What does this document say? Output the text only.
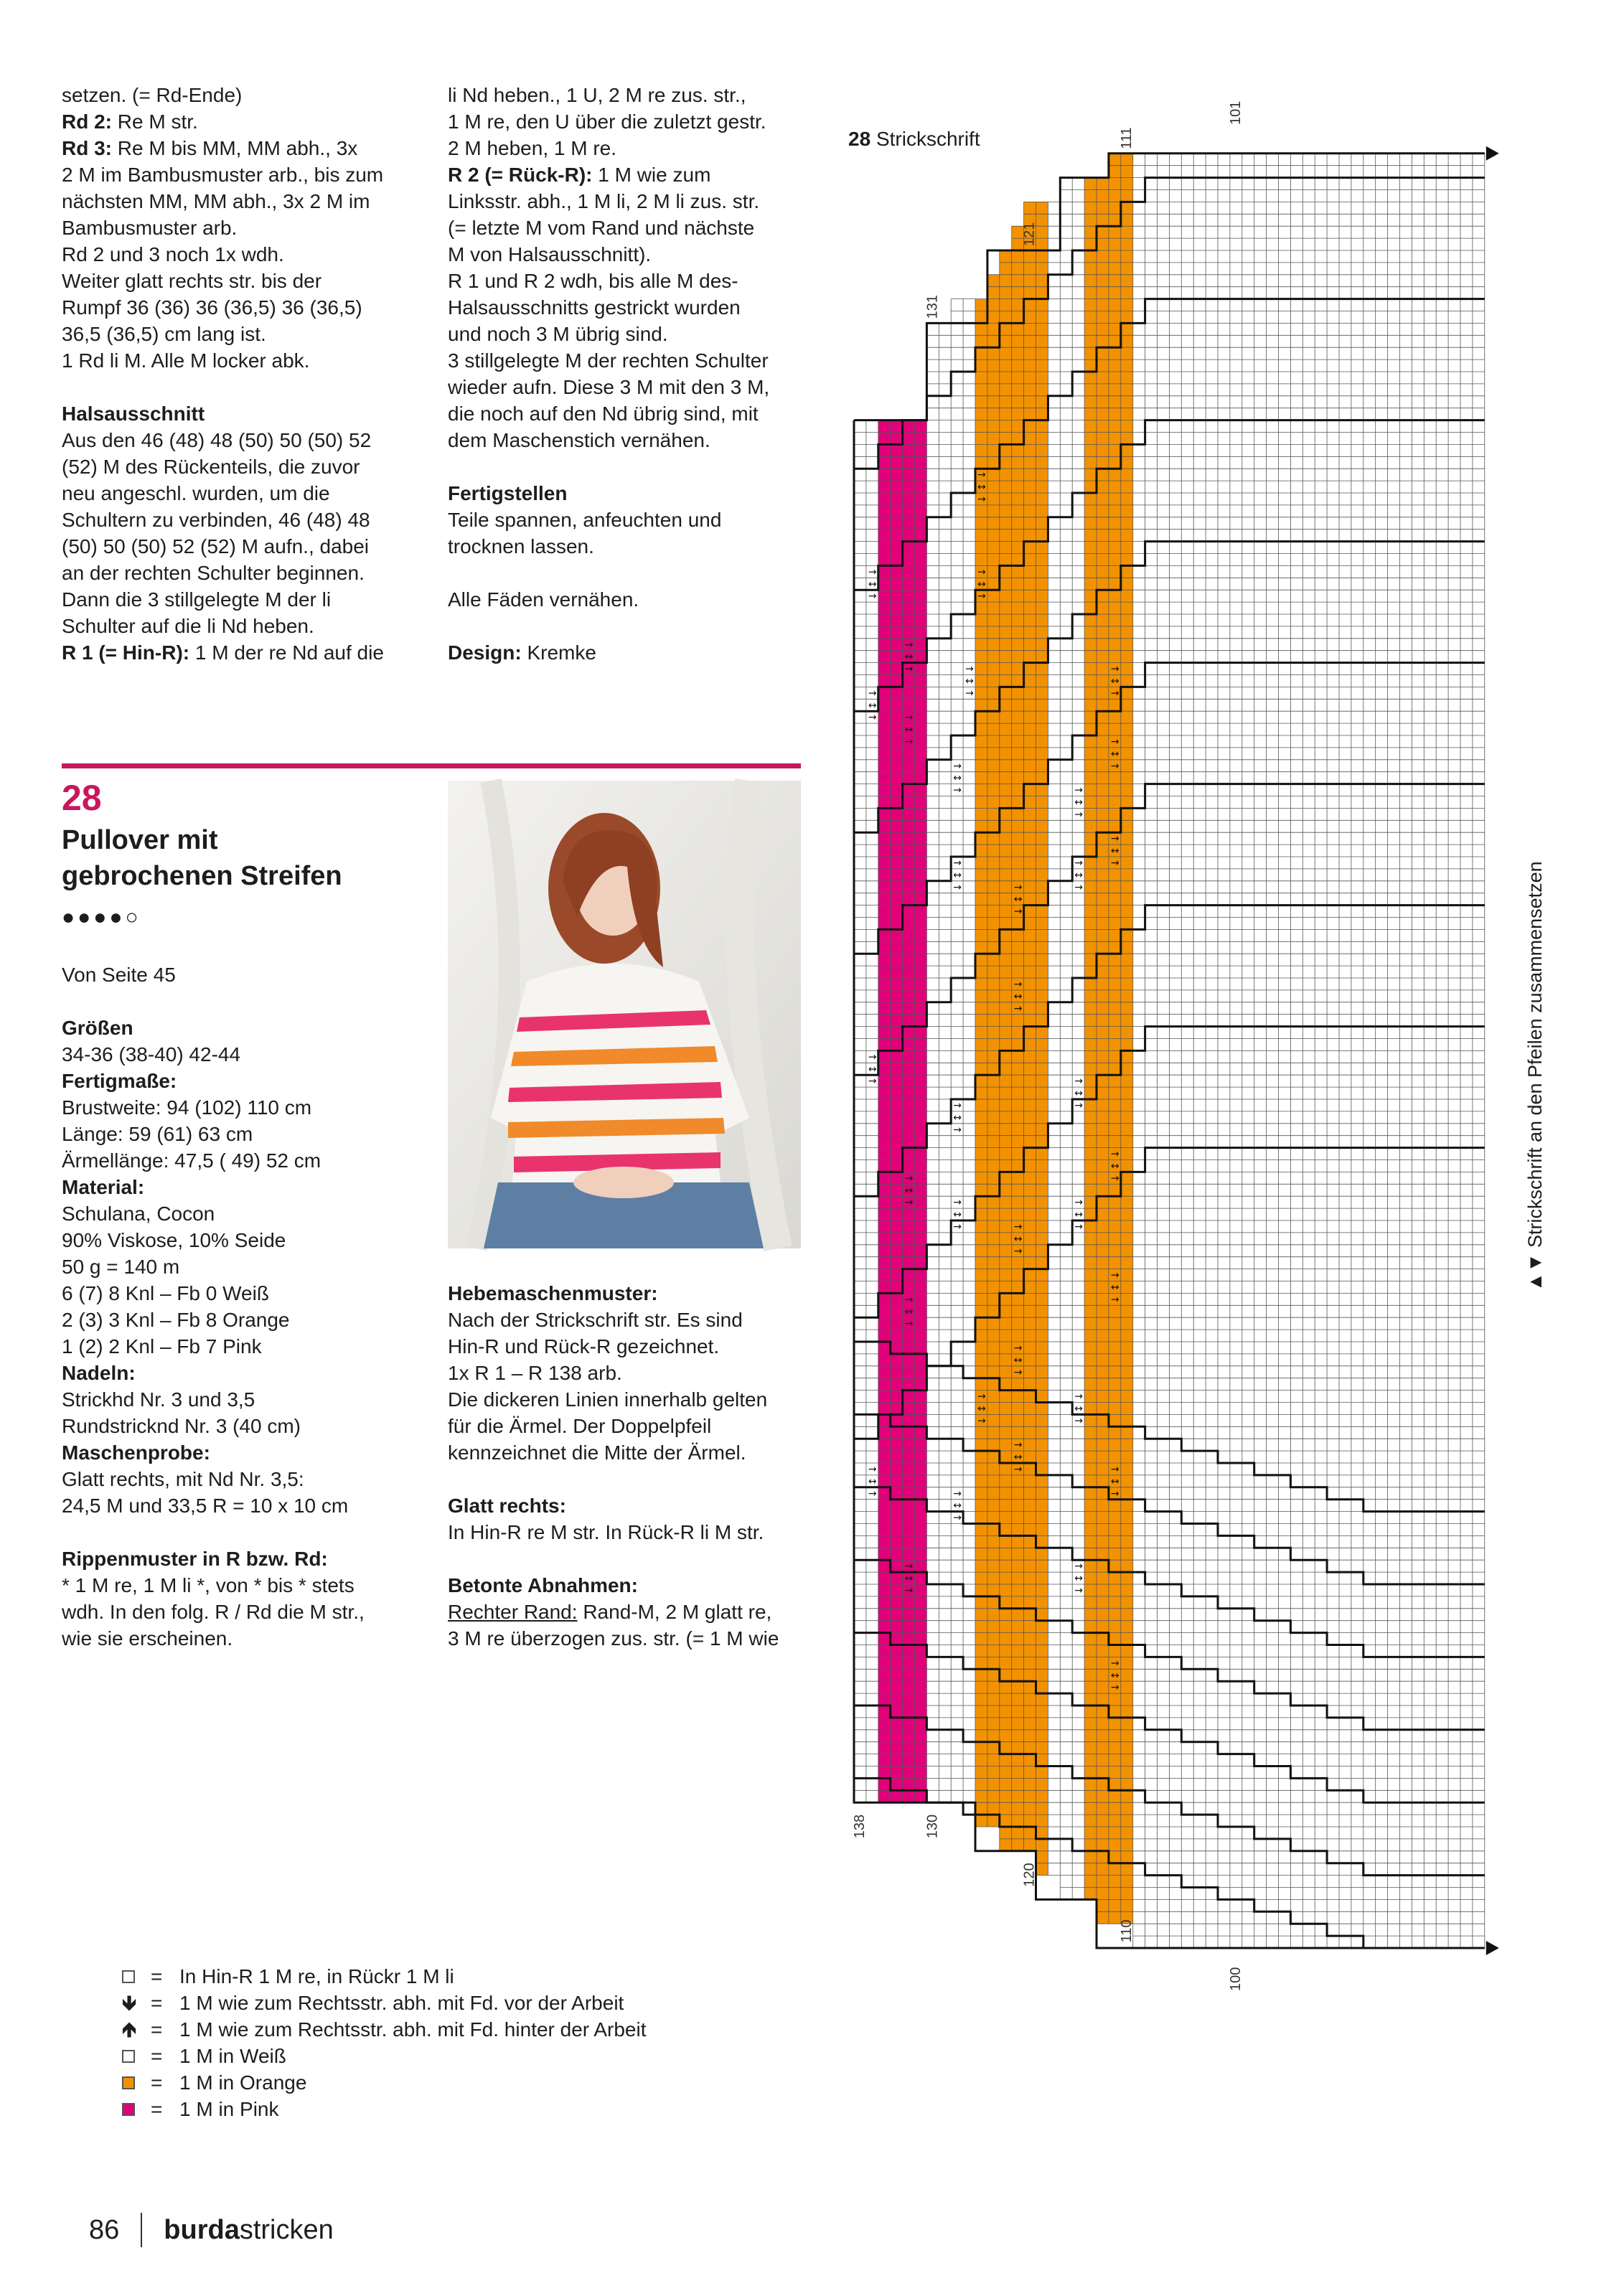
setzen. (= Rd-Ende)

Rd 2: Re M str.

Rd 3: Re M bis MM, MM abh., 3x

2 M im Bambusmuster arb., bis zum

nächsten MM, MM abh., 3x 2 M im

Bambusmuster arb.

Rd 2 und 3 noch 1x wdh.

Weiter glatt rechts str. bis der

Rumpf 36 (36) 36 (36,5) 36 (36,5)

36,5 (36,5) cm lang ist.

1 Rd li M. Alle M locker abk.

Halsausschnitt

Aus den 46 (48) 48 (50) 50 (50) 52

(52) M des Rückenteils, die zuvor

neu angeschl. wurden, um die

Schultern zu verbinden, 46 (48) 48

(50) 50 (50) 52 (52) M aufn., dabei

an der rechten Schulter beginnen.

Dann die 3 stillgelegte M der li

Schulter auf die li Nd heben.

R 1 (= Hin-R): 1 M der re Nd auf die

li Nd heben., 1 U, 2 M re zus. str.,

1 M re, den U über die zuletzt gestr.

2 M heben, 1 M re.

R 2 (= Rück-R): 1 M wie zum

Linksstr. abh., 1 M li, 2 M li zus. str.

(= letzte M vom Rand und nächste

M von Halsausschnitt).

R 1 und R 2 wdh, bis alle M des-

Halsausschnitts gestrickt wurden

und noch 3 M übrig sind.

3 stillgelegte M der rechten Schulter

wieder aufn. Diese 3 M mit den 3 M,

die noch auf den Nd übrig sind, mit

dem Maschenstich vernähen.

Fertigstellen

Teile spannen, anfeuchten und

trocknen lassen.

Alle Fäden vernähen.

Design: Kremke

28
Pullover mit
gebrochenen Streifen
●●●●○

Von Seite 45

Größen

34-36 (38-40) 42-44

Fertigmaße:

Brustweite: 94 (102) 110 cm

Länge: 59 (61) 63 cm

Ärmellänge: 47,5 ( 49) 52 cm

Material:

Schulana, Cocon

90% Viskose, 10% Seide

50 g = 140 m

6 (7) 8 Knl – Fb 0 Weiß

2 (3) 3 Knl – Fb 8 Orange

1 (2) 2 Knl – Fb 7 Pink

Nadeln:

Strickhd Nr. 3 und 3,5

Rundstricknd Nr. 3 (40 cm)

Maschenprobe:

Glatt rechts, mit Nd Nr. 3,5:

24,5 M und 33,5 R = 10 x 10 cm

Rippenmuster in R bzw. Rd:

* 1 M re, 1 M li *, von * bis * stets

wdh. In den folg. R / Rd die M str.,

wie sie erscheinen.

Hebemaschenmuster:

Nach der Strickschrift str. Es sind

Hin-R und Rück-R gezeichnet.

1x R 1 – R 138 arb.

Die dickeren Linien innerhalb gelten

für die Ärmel. Der Doppelpfeil

kennzeichnet die Mitte der Ärmel.

Glatt rechts:

In Hin-R re M str. In Rück-R li M str.

Betonte Abnahmen:

Rechter Rand: Rand-M, 2 M glatt re,

3 M re überzogen zus. str. (= 1 M wie

= In Hin-R 1 M re, in Rückr 1 M li
🡻 = 1 M wie zum Rechtsstr. abh. mit Fd. vor der Arbeit
🡹 = 1 M wie zum Rechtsstr. abh. mit Fd. hinter der Arbeit
= 1 M in Weiß
= 1 M in Orange
= 1 M in Pink
28 Strickschrift
→
↔
→
→
↔
→
→
↔
→
→
↔
→
→
↔
→
→
↔
→
→
↔
→
→
↔
→
→
↔
→
→
↔
→
→
↔
→
→
↔
→
→
↔
→
→
↔
→
→
↔
→
→
↔
→
→
↔
→
→
↔
→
→
↔
→
→
↔
→
→
↔
→	→
↔
→
→
↔
→
→
↔
→
→
↔
→
→
↔
→
→
↔
→
→
↔
→
→
↔
→
→
↔
→
→
↔
→
→
↔
→
→
↔
→
→
↔
→
→
↔
→
→
↔
→
101
111
121
131
138	130
120
110
100
▲▼ Strickschrift an den Pfeilen zusammensetzen
86 burda stricken
